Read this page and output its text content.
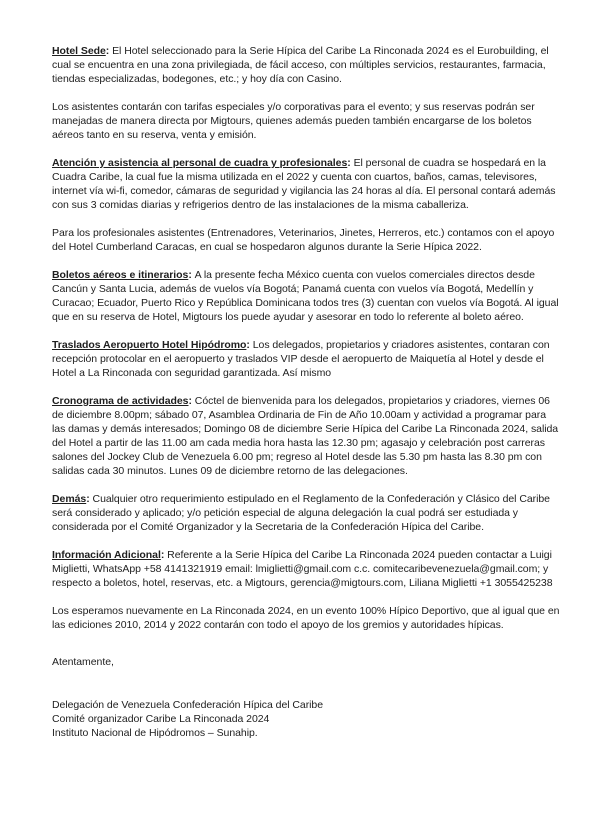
Hotel Sede: El Hotel seleccionado para la Serie Hípica del Caribe La Rinconada 2024 es el Eurobuilding, el cual se encuentra en una zona privilegiada, de fácil acceso, con múltiples servicios, restaurantes, farmacia, tiendas especializadas, bodegones, etc.; y hoy día con Casino.

Los asistentes contarán con tarifas especiales y/o corporativas para el evento; y sus reservas podrán ser manejadas de manera directa por Migtours, quienes además pueden también encargarse de los boletos aéreos tanto en su reserva, venta y emisión.

Atención y asistencia al personal de cuadra y profesionales: El personal de cuadra se hospedará en la Cuadra Caribe, la cual fue la misma utilizada en el 2022 y cuenta con cuartos, baños, camas, televisores, internet vía wi-fi, comedor, cámaras de seguridad y vigilancia las 24 horas al día. El personal contará además con sus 3 comidas diarias y refrigerios dentro de las instalaciones de la misma caballeriza.

Para los profesionales asistentes (Entrenadores, Veterinarios, Jinetes, Herreros, etc.) contamos con el apoyo del Hotel Cumberland Caracas, en cual se hospedaron algunos durante la Serie Hípica 2022.

Boletos aéreos e itinerarios: A la presente fecha México cuenta con vuelos comerciales directos desde Cancún y Santa Lucia, además de vuelos vía Bogotá; Panamá cuenta con vuelos vía Bogotá, Medellín y Curacao; Ecuador, Puerto Rico y República Dominicana todos tres (3) cuentan con vuelos vía Bogotá. Al igual que en su reserva de Hotel, Migtours los puede ayudar y asesorar en todo lo referente al boleto aéreo.

Traslados Aeropuerto Hotel Hipódromo: Los delegados, propietarios y criadores asistentes, contaran con recepción protocolar en el aeropuerto y traslados VIP desde el aeropuerto de Maiquetía al Hotel y desde el Hotel a La Rinconada con seguridad garantizada. Así mismo

Cronograma de actividades: Cóctel de bienvenida para los delegados, propietarios y criadores, viernes 06 de diciembre 8.00pm; sábado 07, Asamblea Ordinaria de Fin de Año 10.00am y actividad a programar para las damas y demás interesados; Domingo 08 de diciembre Serie Hípica del Caribe La Rinconada 2024, salida del Hotel a partir de las 11.00 am cada media hora hasta las 12.30 pm; agasajo y celebración post carreras salones del Jockey Club de Venezuela 6.00 pm; regreso al Hotel desde las 5.30 pm hasta las 8.30 pm con salidas cada 30 minutos. Lunes 09 de diciembre retorno de las delegaciones.

Demás: Cualquier otro requerimiento estipulado en el Reglamento de la Confederación y Clásico del Caribe será considerado y aplicado; y/o petición especial de alguna delegación la cual podrá ser estudiada y considerada por el Comité Organizador y la Secretaria de la Confederación Hípica del Caribe.

Información Adicional: Referente a la Serie Hípica del Caribe La Rinconada 2024 pueden contactar a Luigi Miglietti, WhatsApp +58 4141321919 email: lmiglietti@gmail.com c.c. comitecaribevenezuela@gmail.com; y respecto a boletos, hotel, reservas, etc. a Migtours, gerencia@migtours.com, Liliana Miglietti +1 3055425238

Los esperamos nuevamente en La Rinconada 2024, en un evento 100% Hípico Deportivo, que al igual que en las ediciones 2010, 2014 y 2022 contarán con todo el apoyo de los gremios y autoridades hípicas.

Atentamente,

Delegación de Venezuela Confederación Hípica del Caribe
Comité organizador Caribe La Rinconada 2024
Instituto Nacional de Hipódromos – Sunahip.
